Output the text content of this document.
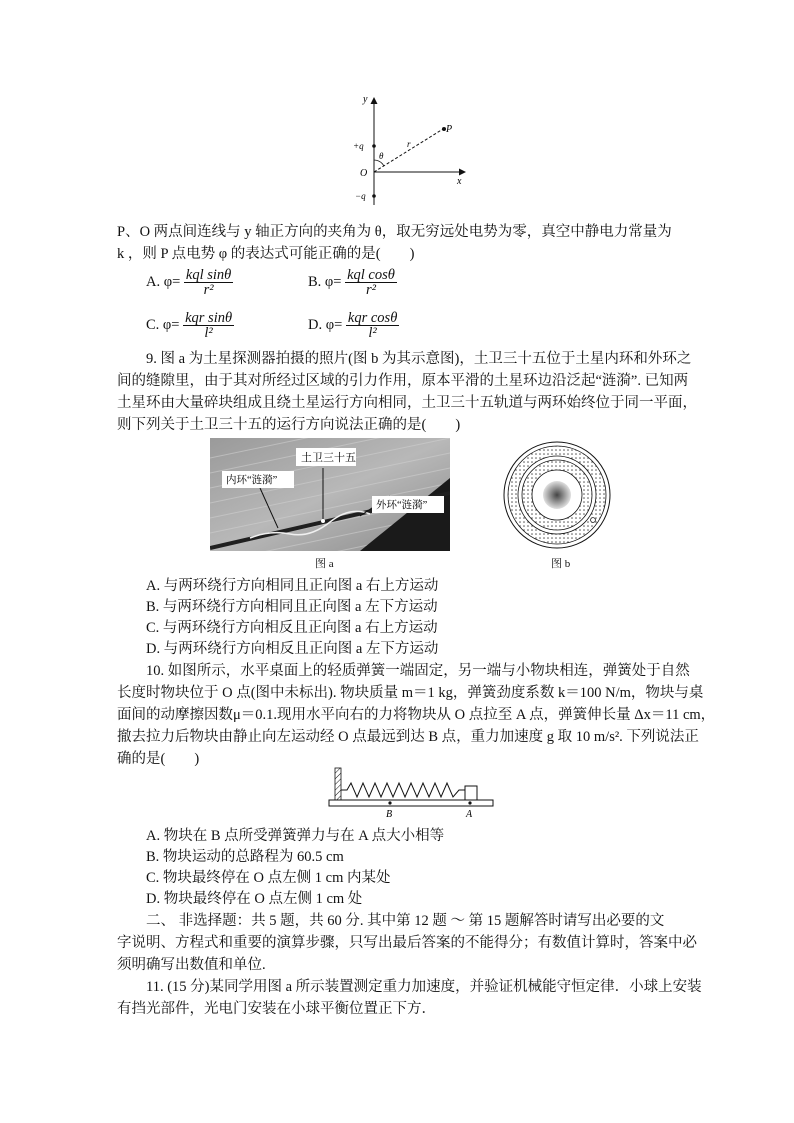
y
x
P
O
+q
−q
θ
r
P、O 两点间连线与 y 轴正方向的夹角为 θ，取无穷远处电势为零，真空中静电力常量为
k ，则 P 点电势 φ 的表达式可能正确的是(　　)
A. $\varphi= \frac{\text{kql sinθ}}{\text{r²}}$	B. $\varphi= \frac{\text{kql cosθ}}{\text{r²}}$
C. $\varphi= \frac{\text{kqr sinθ}}{\text{l²}}$	D. $\varphi= \frac{\text{kqr cosθ}}{\text{l²}}$
9. 图 a 为土星探测器拍摄的照片(图 b 为其示意图)，土卫三十五位于土星内环和外环之
间的缝隙里，由于其对所经过区域的引力作用，原本平滑的土星环边沿泛起“涟漪”. 已知两
土星环由大量碎块组成且绕土星运行方向相同，土卫三十五轨道与两环始终位于同一平面，
则下列关于土卫三十五的运行方向说法正确的是(　　)
土卫三十五
内环“涟漪”
外环“涟漪”
图 a	图 b
A. 与两环绕行方向相同且正向图 a 右上方运动
B. 与两环绕行方向相同且正向图 a 左下方运动
C. 与两环绕行方向相反且正向图 a 右上方运动
D. 与两环绕行方向相反且正向图 a 左下方运动
10. 如图所示，水平桌面上的轻质弹簧一端固定，另一端与小物块相连，弹簧处于自然
长度时物块位于 O 点(图中未标出). 物块质量 m＝1 kg，弹簧劲度系数 k＝100 N/m，物块与桌
面间的动摩擦因数μ＝0.1.现用水平向右的力将物块从 O 点拉至 A 点，弹簧伸长量 Δx＝11 cm，
撤去拉力后物块由静止向左运动经 O 点最远到达 B 点，重力加速度 g 取 10 m/s². 下列说法正
确的是(　　)
B	A
A. 物块在 B 点所受弹簧弹力与在 A 点大小相等
B. 物块运动的总路程为 60.5 cm
C. 物块最终停在 O 点左侧 1 cm 内某处
D. 物块最终停在 O 点左侧 1 cm 处
二、 非选择题：共 5 题，共 60 分. 其中第 12 题 ～ 第 15 题解答时请写出必要的文
字说明、方程式和重要的演算步骤，只写出最后答案的不能得分；有数值计算时，答案中必
须明确写出数值和单位.
11. (15 分)某同学用图 a 所示装置测定重力加速度，并验证机械能守恒定律．小球上安装
有挡光部件，光电门安装在小球平衡位置正下方．
